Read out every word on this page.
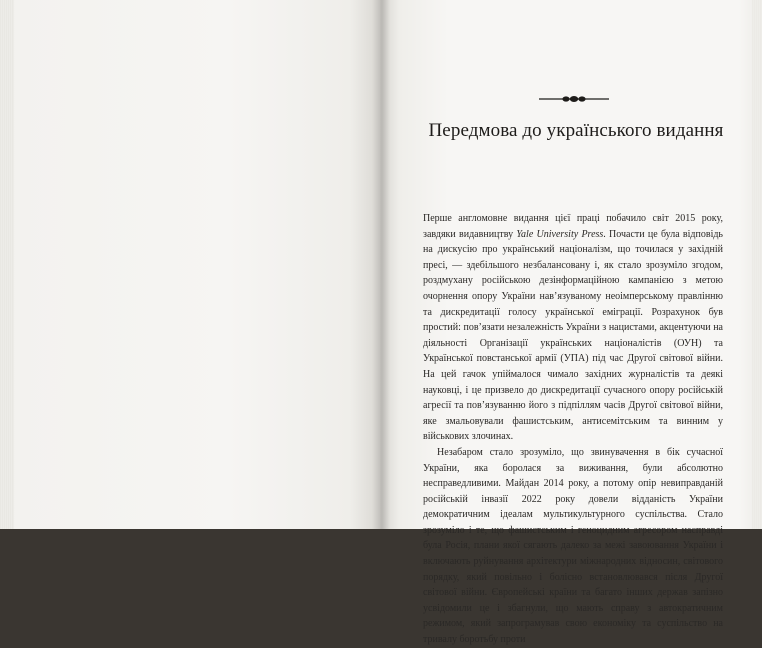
Передмова до українського видання

Перше англомовне видання цієї праці побачило світ 2015 року, завдяки видавництву Yale University Press. Почасти це була відповідь на дискусію про український націоналізм, що точилася у західній пресі, — здебільшого незбалансовану і, як стало зрозуміло згодом, роздмухану російською дезінформаційною кампанією з метою очорнення опору України нав’язуваному неоімперському правлінню та дискредитації голосу української еміграції. Розрахунок був простий: пов’язати незалежність України з нацистами, акцентуючи на діяльності Організації українських націоналістів (ОУН) та Української повстанської армії (УПА) під час Другої світової війни. На цей гачок упіймалося чимало західних журналістів та деякі науковці, і це призвело до дискредитації сучасного опору російській агресії та пов’язуванню його з підпіллям часів Другої світової війни, яке змальовували фашистським, антисемітським та винним у військових злочинах.

Незабаром стало зрозуміло, що звинувачення в бік сучасної України, яка боролася за виживання, були абсолютно несправедливими. Майдан 2014 року, а потому опір невиправданій російській інвазії 2022 року довели відданість України демократичним ідеалам мультикультурного суспільства. Стало зрозуміло і те, що фашистським і геноцидним агресором насправді була Росія, плани якої сягають далеко за межі завоювання України і включають руйнування архітектури міжнародних відносин, світового порядку, який повільно і болісно встановлювався після Другої світової війни. Європейські країни та багато інших держав запізно усвідомили це і збагнули, що мають справу з автократичним режимом, який запрограмував свою економіку та суспільство на тривалу боротьбу проти
